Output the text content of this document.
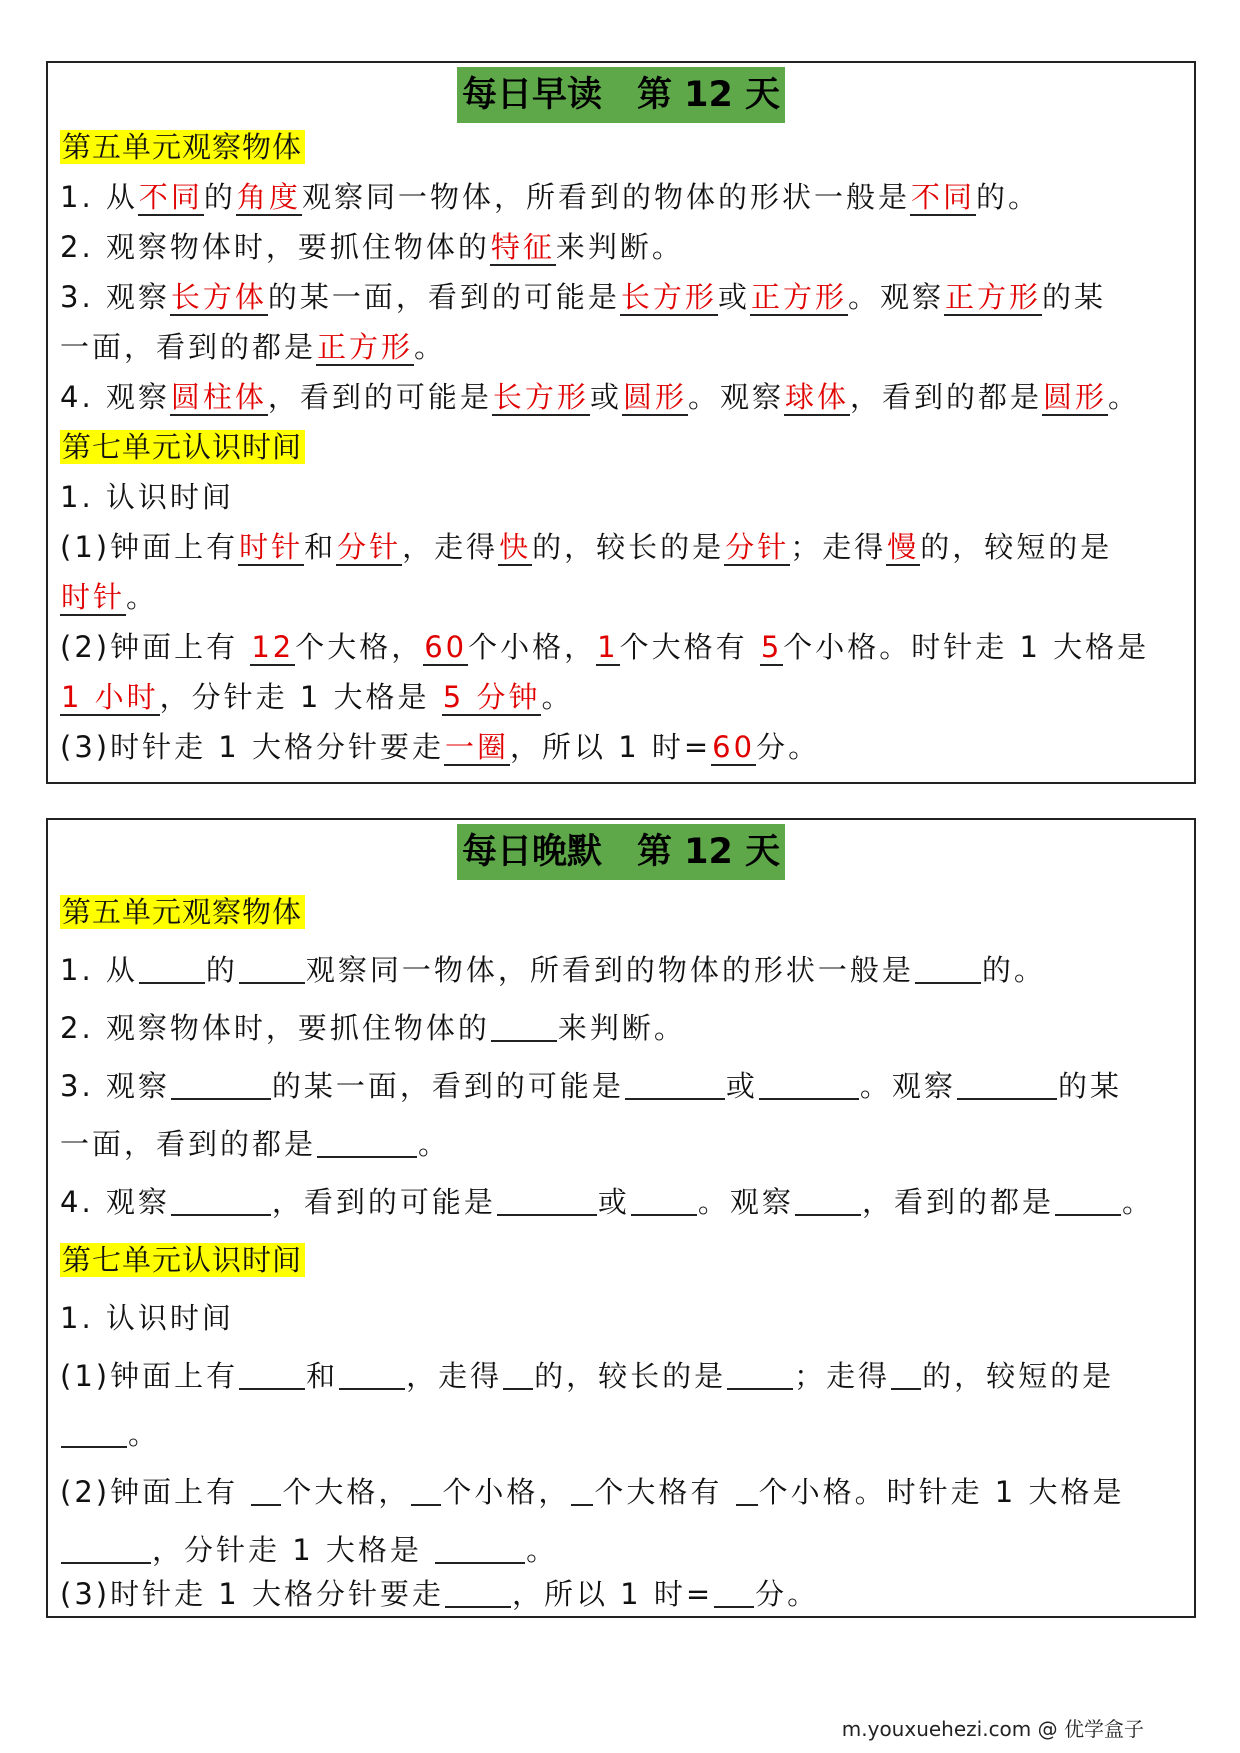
每日早读　第 12 天
第五单元观察物体
1. 从不同的角度观察同一物体，所看到的物体的形状一般是不同的。
2. 观察物体时，要抓住物体的特征来判断。
3. 观察长方体的某一面，看到的可能是长方形或正方形。观察正方形的某
一面，看到的都是正方形。
4. 观察圆柱体，看到的可能是长方形或圆形。观察球体，看到的都是圆形。
第七单元认识时间
1. 认识时间
(1)钟面上有时针和分针，走得快的，较长的是分针；走得慢的，较短的是
时针。
(2)钟面上有 12个大格，60个小格，1个大格有 5个小格。时针走 1 大格是
1 小时，分针走 1 大格是 5 分钟。
(3)时针走 1 大格分针要走一圈，所以 1 时=60分。
每日晚默　第 12 天
第五单元观察物体
1. 从 的 观察同一物体，所看到的物体的形状一般是 的。
2. 观察物体时，要抓住物体的 来判断。
3. 观察	的某一面，看到的可能是	或	。观察	的某
一面，看到的都是	。
4. 观察	，看到的可能是	或 。观察 ，看到的都是 。
第七单元认识时间
1. 认识时间
(1)钟面上有 和 ，走得 的，较长的是 ；走得 的，较短的是
。
(2)钟面上有 个大格， 个小格， 个大格有 个小格。时针走 1 大格是
，分针走 1 大格是	。
(3)时针走 1 大格分针要走 ，所以 1 时= 分。
m.youxuehezi.com @ 优学盒子
